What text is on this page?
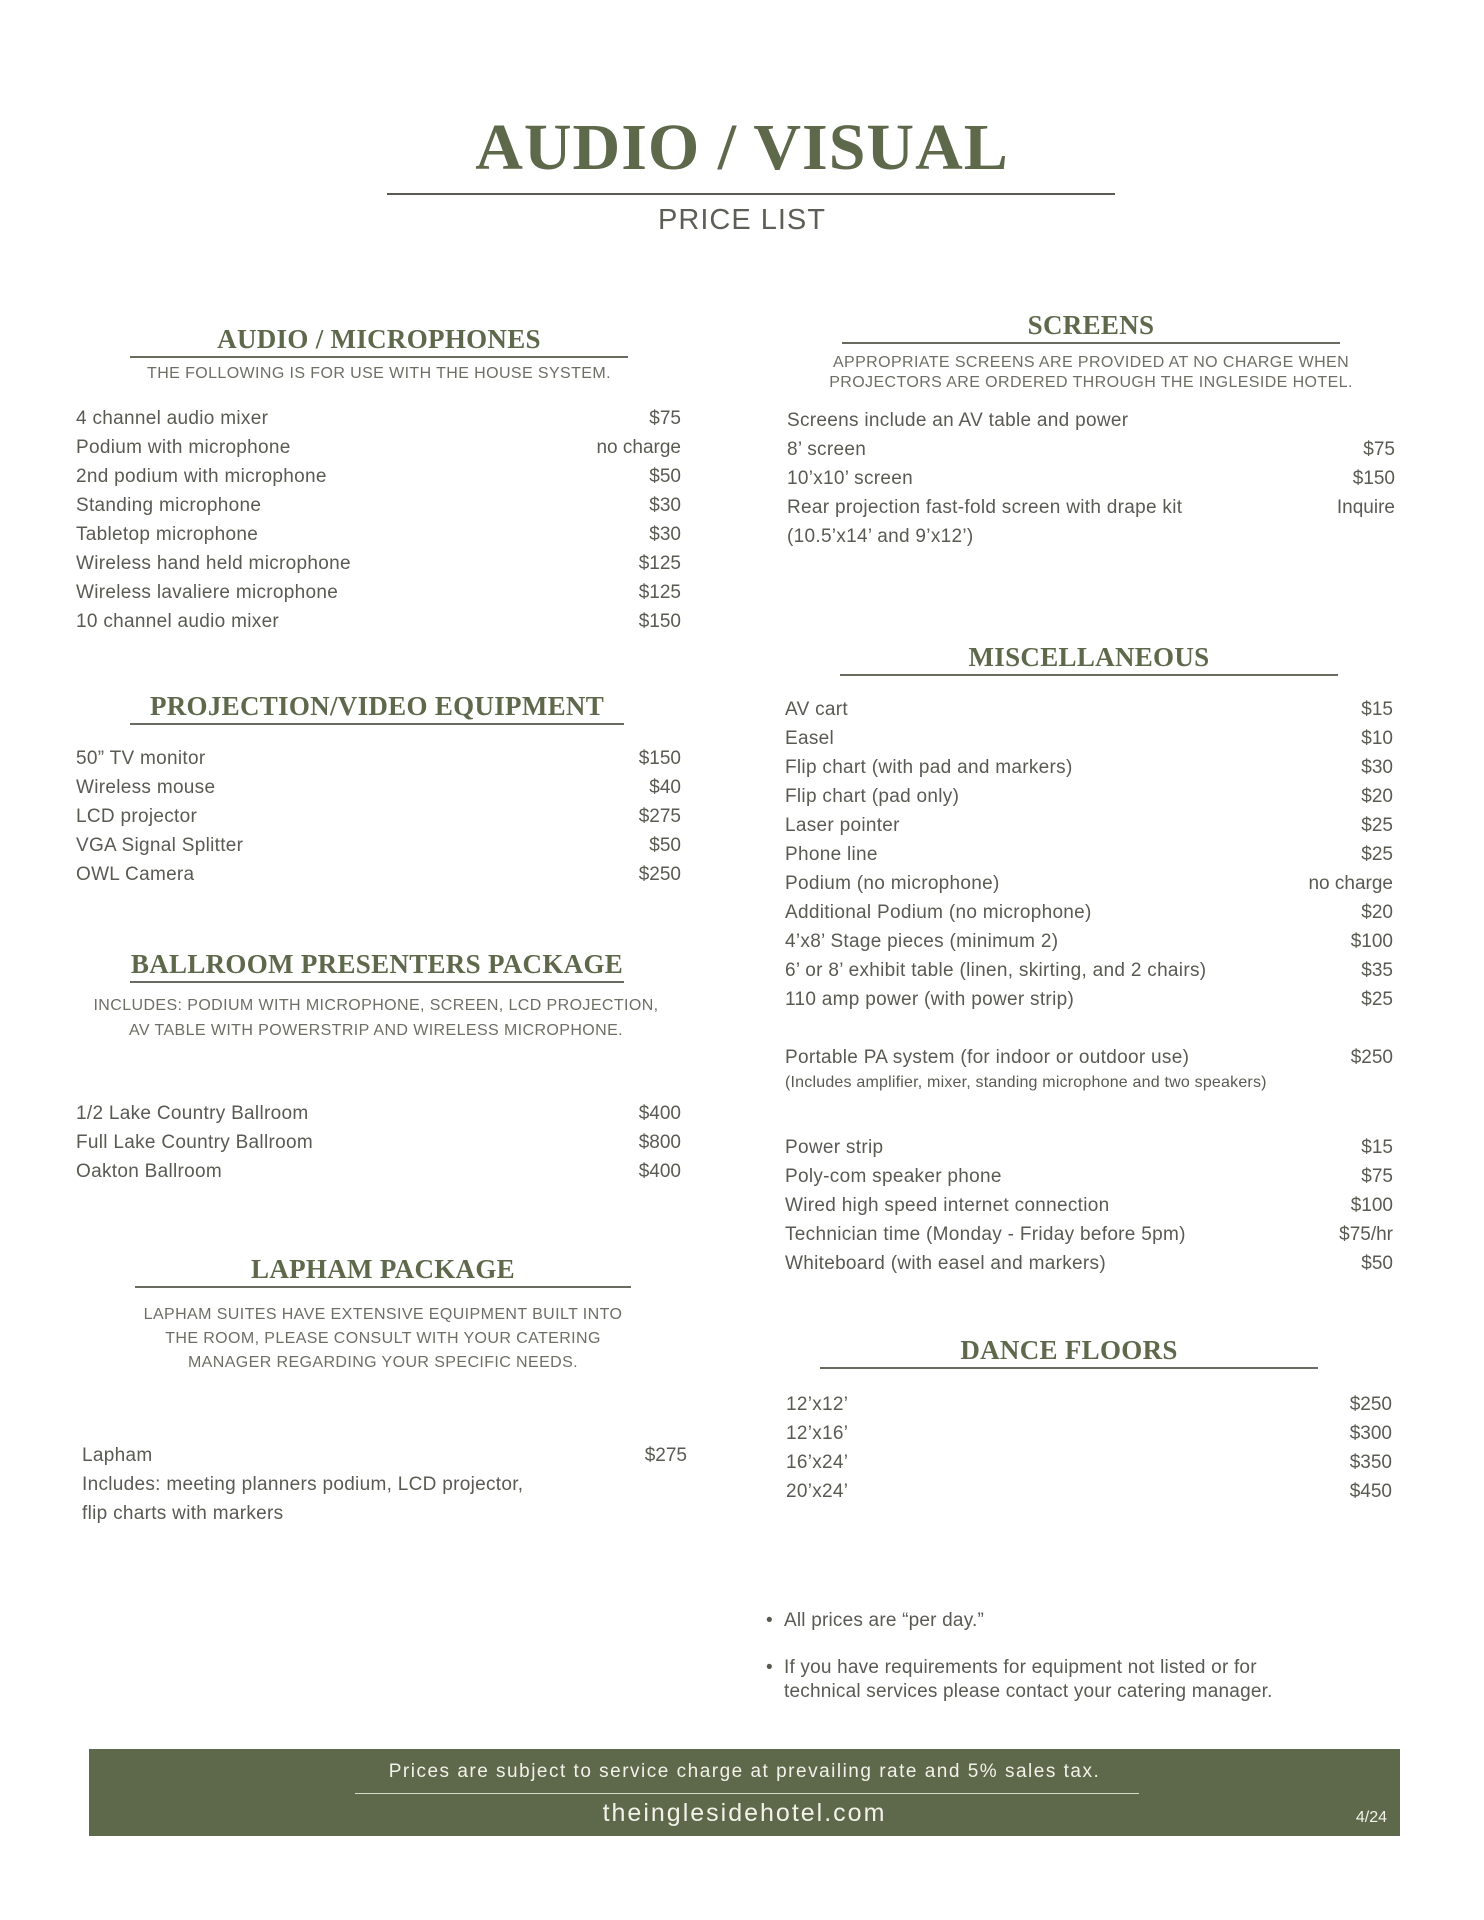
AUDIO / VISUAL
PRICE LIST
AUDIO / MICROPHONES
THE FOLLOWING IS FOR USE WITH THE HOUSE SYSTEM.
4 channel audio mixer	$75
Podium with microphone	no charge
2nd podium with microphone	$50
Standing microphone	$30
Tabletop microphone	$30
Wireless hand held microphone	$125
Wireless lavaliere microphone	$125
10 channel audio mixer	$150
PROJECTION/VIDEO EQUIPMENT
50” TV monitor	$150
Wireless mouse	$40
LCD projector	$275
VGA Signal Splitter	$50
OWL Camera	$250
BALLROOM PRESENTERS PACKAGE
INCLUDES: PODIUM WITH MICROPHONE, SCREEN, LCD PROJECTION,
AV TABLE WITH POWERSTRIP AND WIRELESS MICROPHONE.
1/2 Lake Country Ballroom	$400
Full Lake Country Ballroom	$800
Oakton Ballroom	$400
LAPHAM PACKAGE
LAPHAM SUITES HAVE EXTENSIVE EQUIPMENT BUILT INTO
THE ROOM, PLEASE CONSULT WITH YOUR CATERING
MANAGER REGARDING YOUR SPECIFIC NEEDS.
Lapham	$275
Includes: meeting planners podium, LCD projector,
flip charts with markers
SCREENS
APPROPRIATE SCREENS ARE PROVIDED AT NO CHARGE WHEN
PROJECTORS ARE ORDERED THROUGH THE INGLESIDE HOTEL.
Screens include an AV table and power
8’ screen	$75
10’x10’ screen	$150
Rear projection fast-fold screen with drape kit	Inquire
(10.5’x14’ and 9’x12’)
MISCELLANEOUS
AV cart	$15
Easel	$10
Flip chart (with pad and markers)	$30
Flip chart (pad only)	$20
Laser pointer	$25
Phone line	$25
Podium (no microphone)	no charge
Additional Podium (no microphone)	$20
4’x8’ Stage pieces (minimum 2)	$100
6’ or 8’ exhibit table (linen, skirting, and 2 chairs)	$35
110 amp power (with power strip)	$25
Portable PA system (for indoor or outdoor use)	$250
(Includes amplifier, mixer, standing microphone and two speakers)
Power strip	$15
Poly-com speaker phone	$75
Wired high speed internet connection	$100
Technician time (Monday - Friday before 5pm)	$75/hr
Whiteboard (with easel and markers)	$50
DANCE FLOORS
12’x12’	$250
12’x16’	$300
16’x24’	$350
20’x24’	$450
• All prices are “per day.”
• If you have requirements for equipment not listed or for
technical services please contact your catering manager.
Prices are subject to service charge at prevailing rate and 5% sales tax.
theinglesidehotel.com	4/24
